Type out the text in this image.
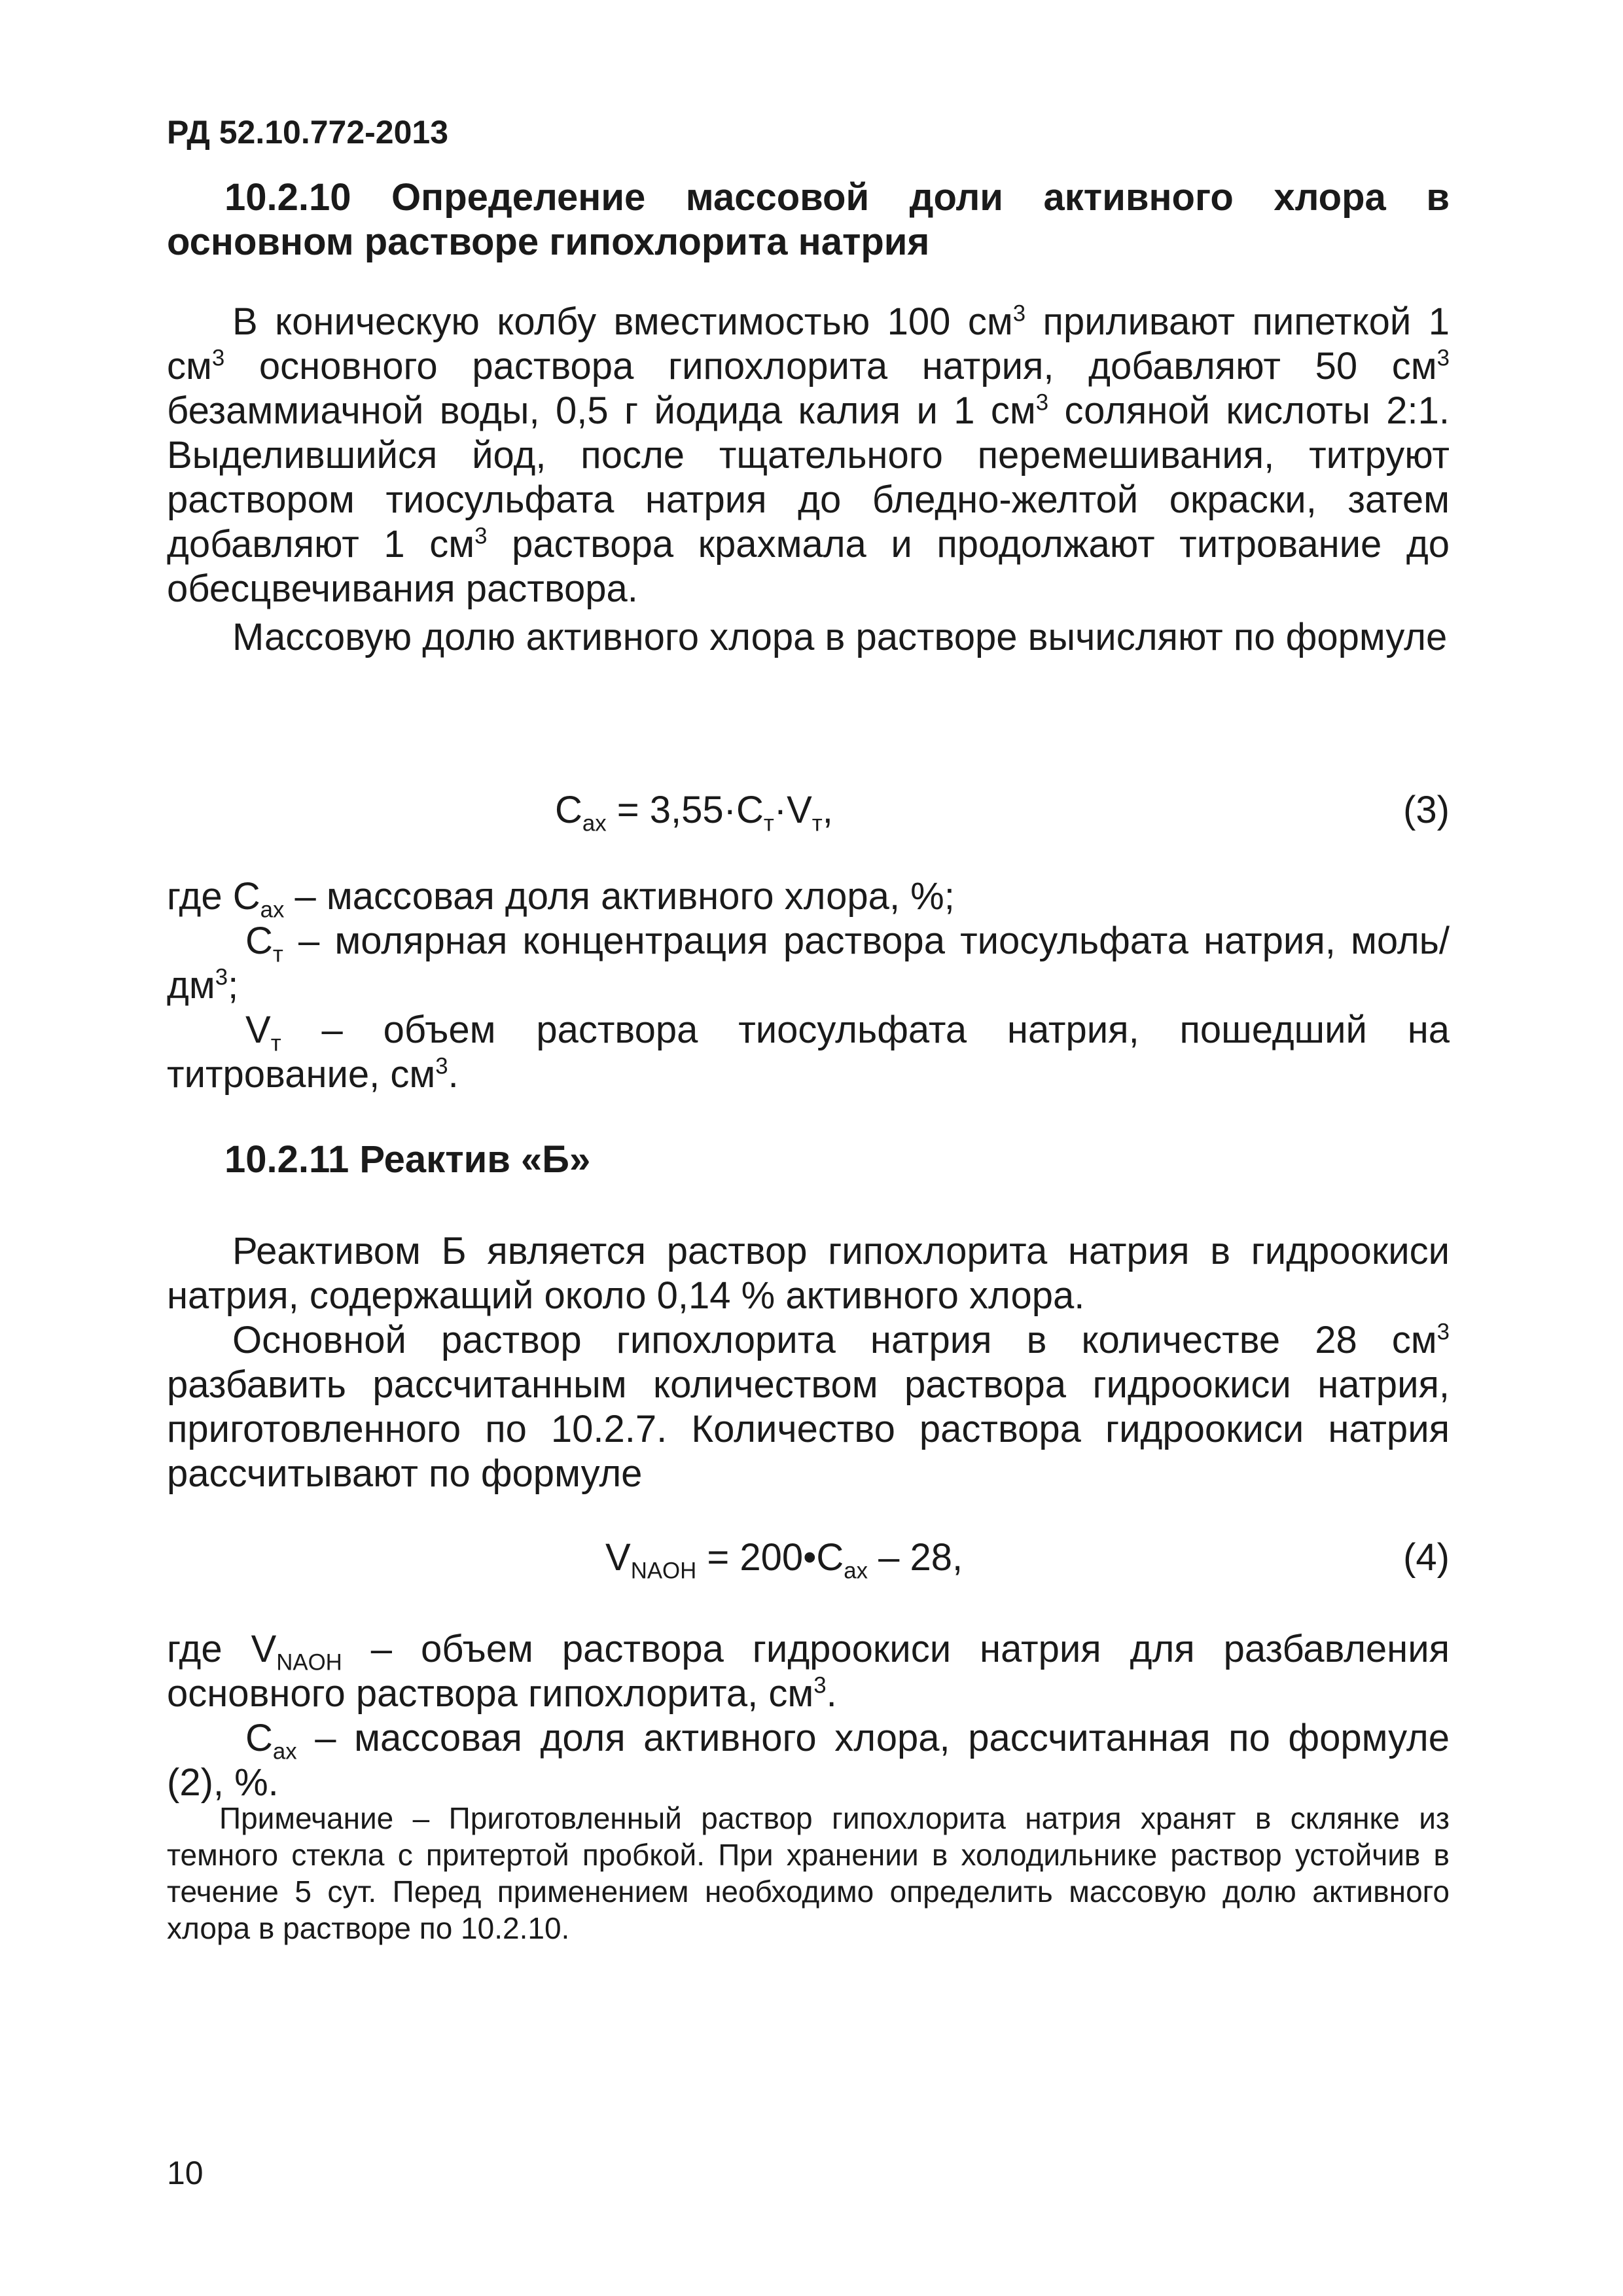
РД 52.10.772-2013
10.2.10 Определение массовой доли активного хлора в основном растворе гипохлорита натрия
В коническую колбу вместимостью 100 $см^3$ приливают пипеткой 1 $см^3$ основного раствора гипохлорита натрия, добавляют 50 $см^3$ безаммиачной воды, 0,5 г йодида калия и 1 $см^3$ соляной кислоты 2:1. Выделившийся йод, после тщательного перемешивания, титруют раствором тиосульфата натрия до бледно-желтой окраски, затем добавляют 1 $см^3$ раствора крахмала и продолжают титрование до обесцвечивания раствора.
Массовую долю активного хлора в растворе вычисляют по формуле
$C_{ах} = 3,55\cdot C_т\cdot V_т$,	(3)
где $C_{ах}$ – массовая доля активного хлора, %;
$C_т$ – молярная концентрация раствора тиосульфата натрия, моль/$дм^3$;
$V_т$ – объем раствора тиосульфата натрия, пошедший на титрование, $см^3$.
10.2.11 Реактив «Б»
Реактивом Б является раствор гипохлорита натрия в гидроокиси натрия, содержащий около 0,14 % активного хлора.
Основной раствор гипохлорита натрия в количестве 28 $см^3$ разбавить рассчитанным количеством раствора гидроокиси натрия, приготовленного по 10.2.7. Количество раствора гидроокиси натрия рассчитывают по формуле
$V_{NAOH}$ = $200•C_{ах} - 28$,	(4)
где $V_{NAOH}$ – объем раствора гидроокиси натрия для разбавления основного раствора гипохлорита, $см^3$.
$C_{ах}$ – массовая доля активного хлора, рассчитанная по формуле (2), %.
Примечание – Приготовленный раствор гипохлорита натрия хранят в склянке из темного стекла с притертой пробкой. При хранении в холодильнике раствор устойчив в течение 5 сут. Перед применением необходимо определить массовую долю активного хлора в растворе по 10.2.10.
10
